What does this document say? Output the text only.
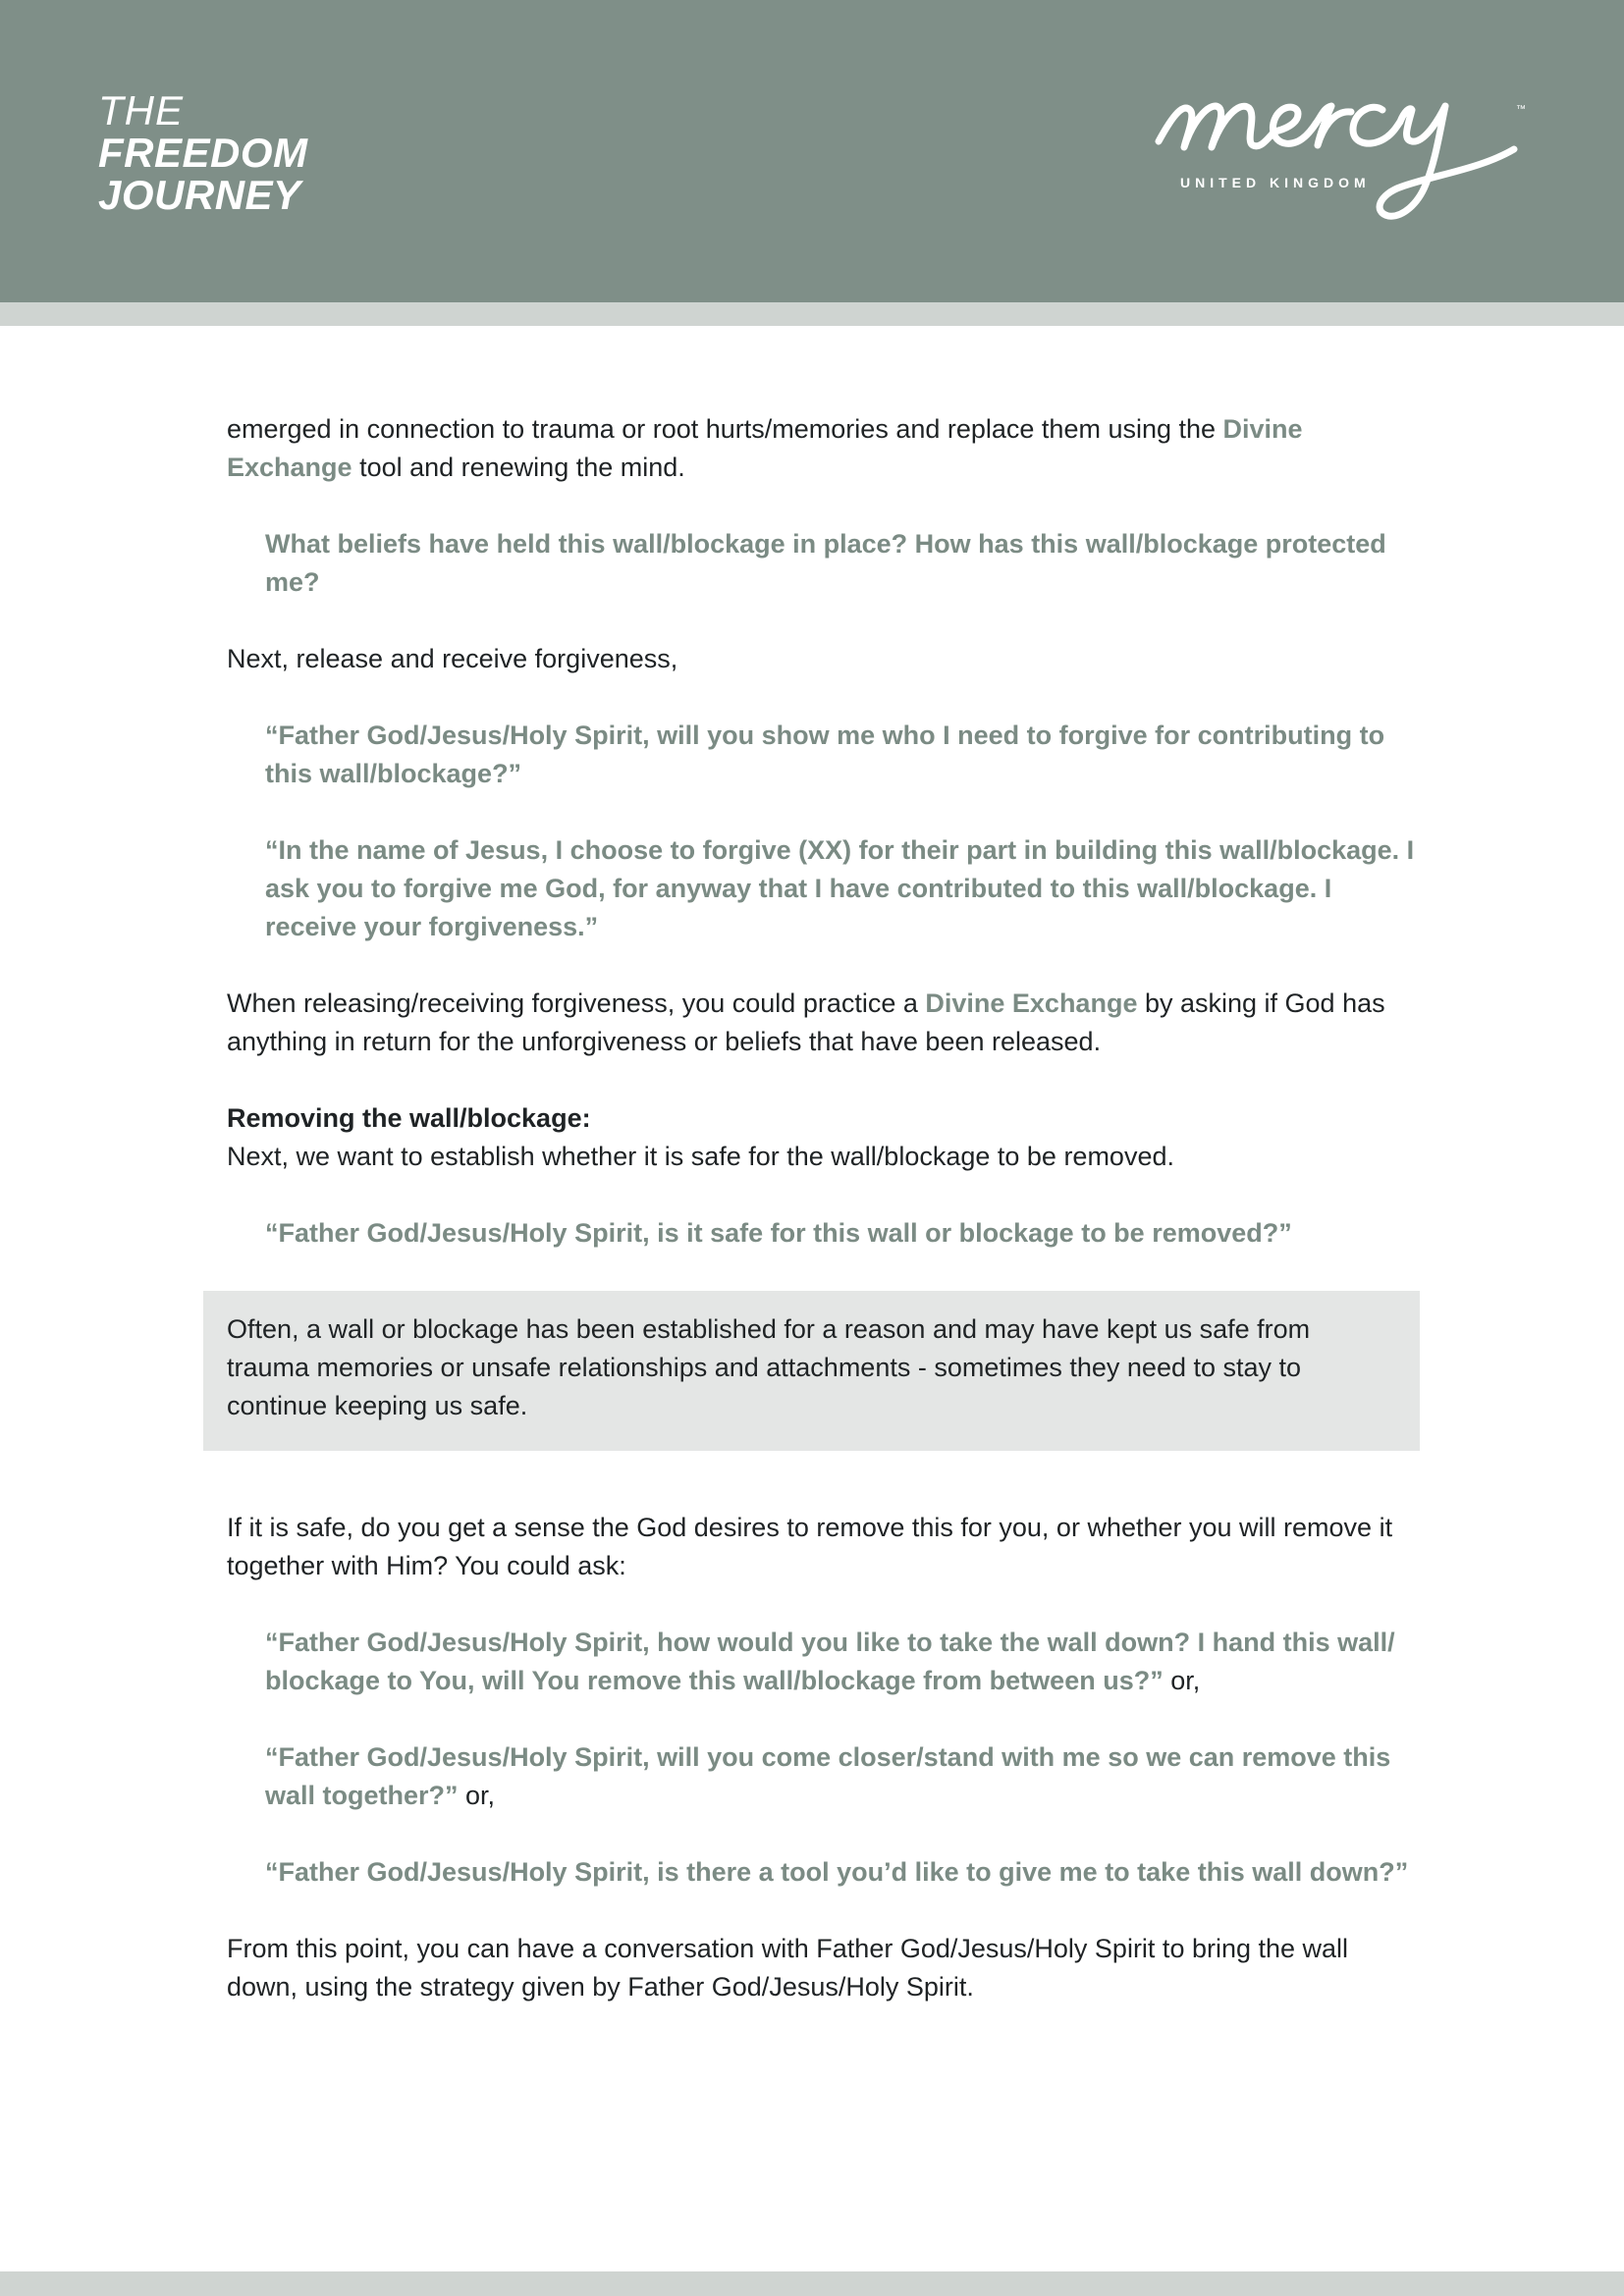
THE
FREEDOM
JOURNEY
™
UNITED KINGDOM

emerged in connection to trauma or root hurts/memories and replace them using the Divine Exchange tool and renewing the mind.

What beliefs have held this wall/blockage in place? How has this wall/blockage protected me?

Next, release and receive forgiveness,

“Father God/Jesus/Holy Spirit, will you show me who I need to forgive for contributing to this wall/blockage?”

“In the name of Jesus, I choose to forgive (XX) for their part in building this wall/blockage. I ask you to forgive me God, for anyway that I have contributed to this wall/blockage. I receive your forgiveness.”

When releasing/receiving forgiveness, you could practice a Divine Exchange by asking if God has anything in return for the unforgiveness or beliefs that have been released.

Removing the wall/blockage:

Next, we want to establish whether it is safe for the wall/blockage to be removed.

“Father God/Jesus/Holy Spirit, is it safe for this wall or blockage to be removed?”

Often, a wall or blockage has been established for a reason and may have kept us safe from trauma memories or unsafe relationships and attachments - sometimes they need to stay to continue keeping us safe.

If it is safe, do you get a sense the God desires to remove this for you, or whether you will remove it together with Him? You could ask:

“Father God/Jesus/Holy Spirit, how would you like to take the wall down? I hand this wall/ blockage to You, will You remove this wall/blockage from between us?” or,

“Father God/Jesus/Holy Spirit, will you come closer/stand with me so we can remove this wall together?” or,

“Father God/Jesus/Holy Spirit, is there a tool you’d like to give me to take this wall down?”

From this point, you can have a conversation with Father God/Jesus/Holy Spirit to bring the wall down, using the strategy given by Father God/Jesus/Holy Spirit.
